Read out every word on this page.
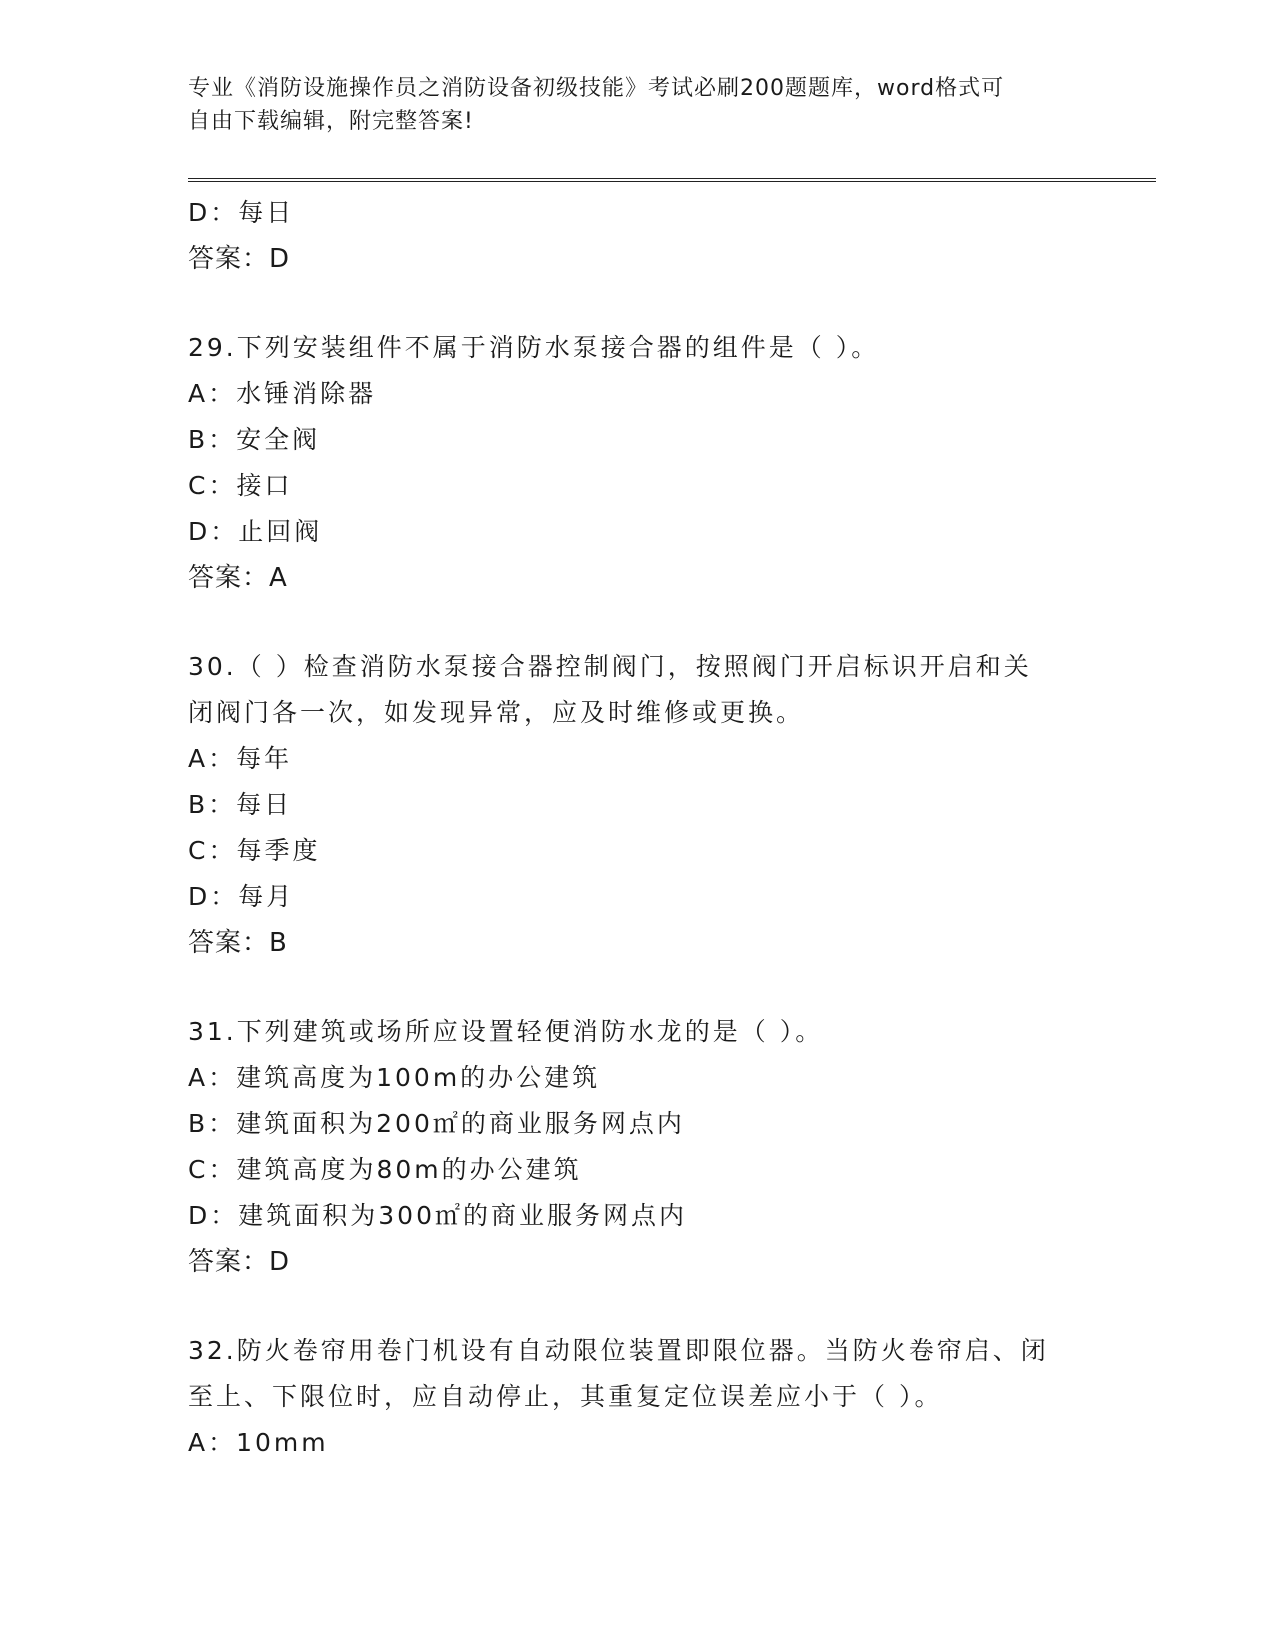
专业《消防设施操作员之消防设备初级技能》考试必刷200题题库，word格式可
自由下载编辑，附完整答案!
D：每日
答案：D
29.下列安装组件不属于消防水泵接合器的组件是（ ）。
A：水锤消除器
B：安全阀
C：接口
D：止回阀
答案：A
30.（ ）检查消防水泵接合器控制阀门，按照阀门开启标识开启和关
闭阀门各一次，如发现异常，应及时维修或更换。
A：每年
B：每日
C：每季度
D：每月
答案：B
31.下列建筑或场所应设置轻便消防水龙的是（ ）。
A：建筑高度为100m的办公建筑
B：建筑面积为200㎡的商业服务网点内
C：建筑高度为80m的办公建筑
D：建筑面积为300㎡的商业服务网点内
答案：D
32.防火卷帘用卷门机设有自动限位装置即限位器。当防火卷帘启、闭
至上、下限位时，应自动停止，其重复定位误差应小于（ ）。
A：10mm
